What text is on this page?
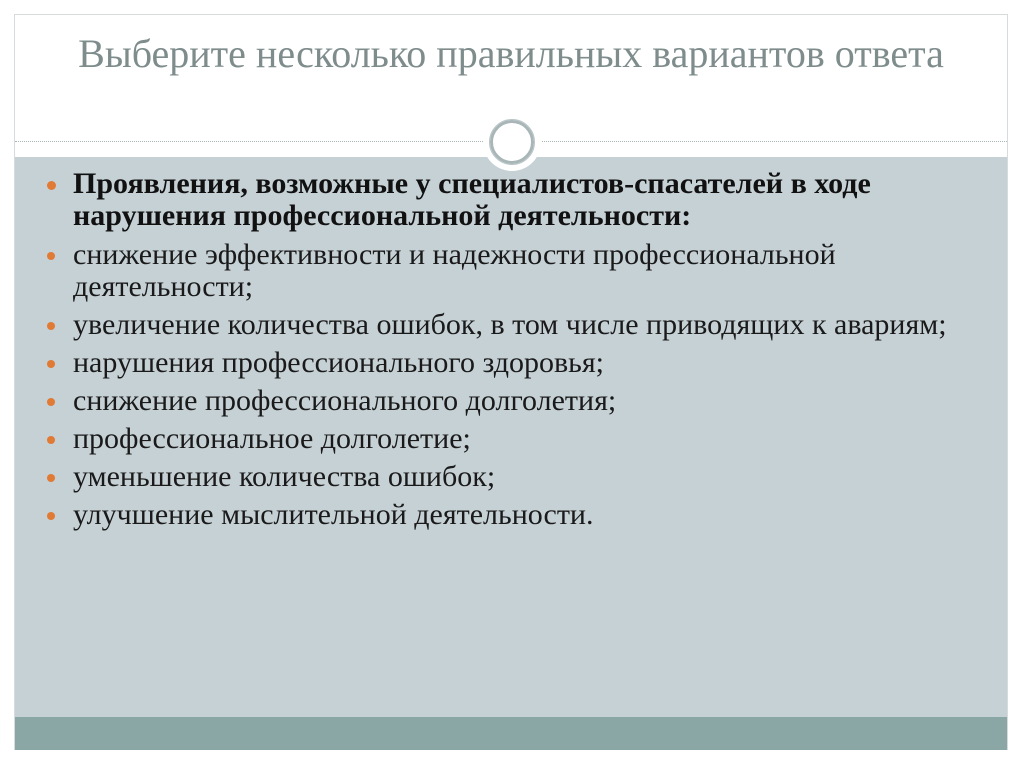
Выберите несколько правильных вариантов ответа
Проявления, возможные у специалистов-спасателей в ходе нарушения профессиональной деятельности:
снижение эффективности и надежности профессиональной деятельности;
увеличение количества ошибок, в том числе приводящих к авариям;
нарушения профессионального здоровья;
снижение профессионального долголетия;
профессиональное долголетие;
уменьшение количества ошибок;
улучшение мыслительной деятельности.
